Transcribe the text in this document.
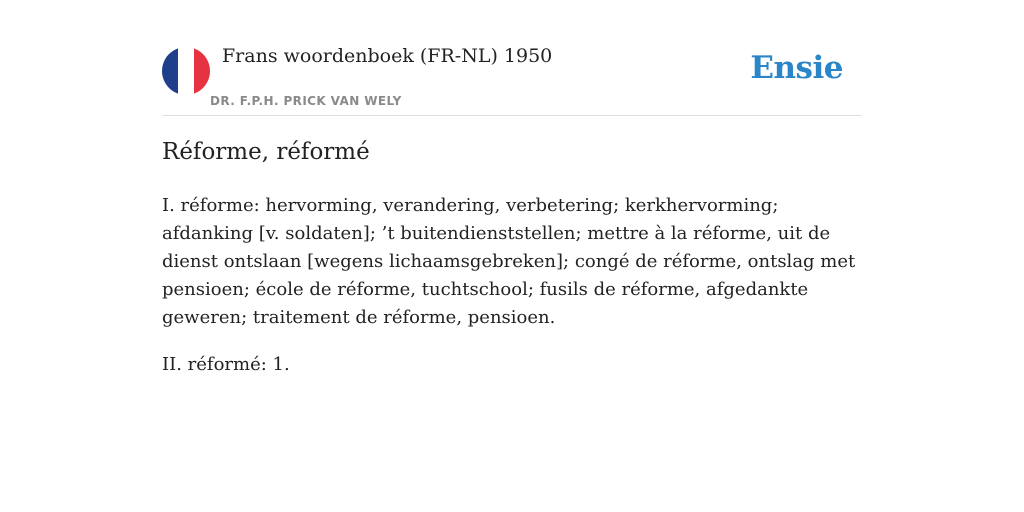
Frans woordenboek (FR-NL) 1950
DR. F.P.H. PRICK VAN WELY
Ensie
Réforme, réformé

I. réforme: hervorming, verandering, verbetering; kerkhervorming; afdanking [v. soldaten]; ’t buitendienststellen; mettre à la réforme, uit de dienst ontslaan [wegens lichaamsgebreken]; congé de réforme, ontslag met pensioen; école de réforme, tuchtschool; fusils de réforme, afgedankte geweren; traitement de réforme, pensioen.

II. réformé: 1.
